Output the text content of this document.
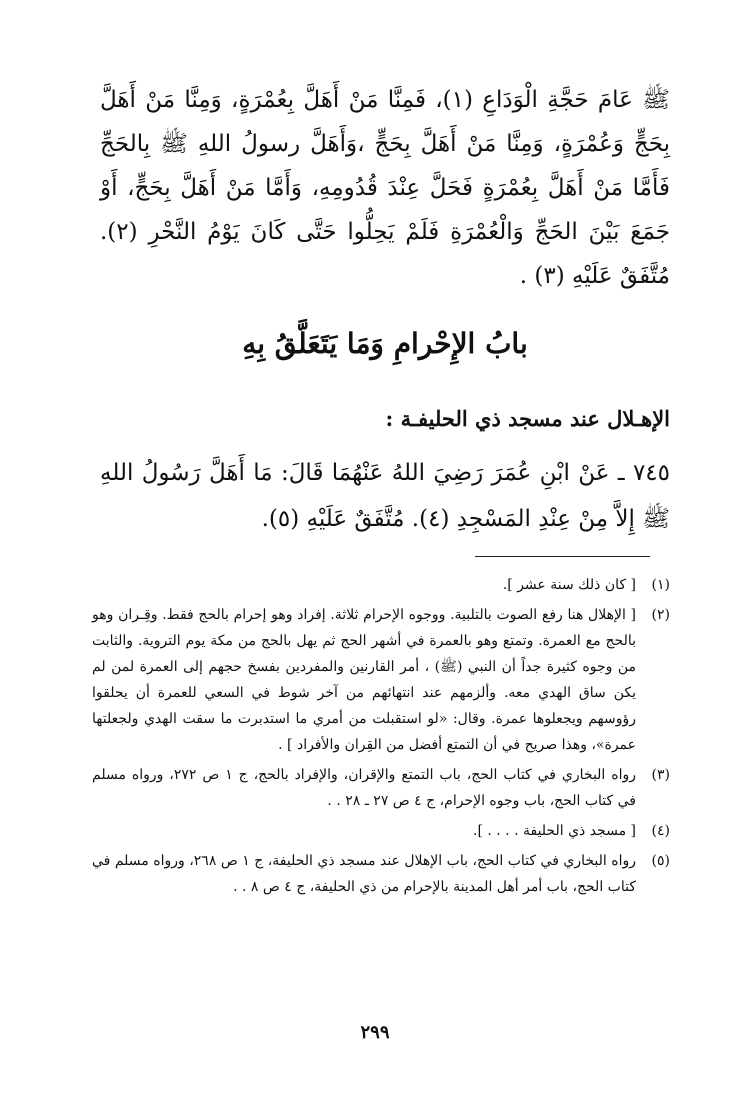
ﷺ عَامَ حَجَّةِ الْوَدَاعِ (١)، فَمِنَّا مَنْ أَهَلَّ بِعُمْرَةٍ، وَمِنَّا مَنْ أَهَلَّ بِحَجٍّ وَعُمْرَةٍ، وَمِنَّا مَنْ أَهَلَّ بِحَجٍّ ،وَأَهَلَّ رسولُ اللهِ ﷺ بِالحَجِّ فَأَمَّا مَنْ أَهَلَّ بِعُمْرَةٍ فَحَلَّ عِنْدَ قُدُومِهِ، وَأَمَّا مَنْ أَهَلَّ بِحَجٍّ، أَوْ جَمَعَ بَيْنَ الحَجِّ وَالْعُمْرَةِ فَلَمْ يَحِلُّوا حَتَّى كَانَ يَوْمُ النَّحْرِ (٢). مُتَّفَقٌ عَلَيْهِ (٣) .

بابُ الإِحْرامِ وَمَا يَتَعَلَّقُ بِهِ
الإهـلال عند مسجد ذي الحليفـة :

٧٤٥ ـ عَنْ ابْنِ عُمَرَ رَضِيَ اللهُ عَنْهُمَا قَالَ: مَا أَهَلَّ رَسُولُ اللهِ ﷺ إِلاَّ مِنْ عِنْدِ المَسْجِدِ (٤). مُتَّفَقٌ عَلَيْهِ (٥).

(١)
[ كان ذلك سنة عشر ].
(٢)
[ الإهلال هنا رفع الصوت بالتلبية. ووجوه الإحرام ثلاثة. إفراد وهو إحرام بالحج فقط. وقِـران وهو بالحج مع العمرة. وتمتع وهو بالعمرة في أشهر الحج ثم يهل بالحج من مكة يوم التروية. والثابت من وجوه كثيرة جداً أن النبي (ﷺ) ، أمر القارنين والمفردين بفسخ حجهم إلى العمرة لمن لم يكن ساق الهدي معه. وألزمهم عند انتهائهم من آخر شوط في السعي للعمرة أن يحلقوا رؤوسهم ويجعلوها عمرة. وقال: «لو استقبلت من أمري ما استدبرت ما سقت الهدي ولجعلتها عمرة»، وهذا صريح في أن التمتع أفضل من القِران والأفراد ] .
(٣)
رواه البخاري في كتاب الحج، باب التمتع والإقران، والإفراد بالحج، ج ١ ص ٢٧٢، ورواه مسلم في كتاب الحج، باب وجوه الإحرام، ج ٤ ص ٢٧ ـ ٢٨ . .
(٤)
[ مسجد ذي الحليفة . . . . ].
(٥)
رواه البخاري في كتاب الحج، باب الإهلال عند مسجد ذي الحليفة، ج ١ ص ٢٦٨، ورواه مسلم في كتاب الحج، باب أمر أهل المدينة بالإحرام من ذي الحليفة، ج ٤ ص ٨ . .
٢٩٩
